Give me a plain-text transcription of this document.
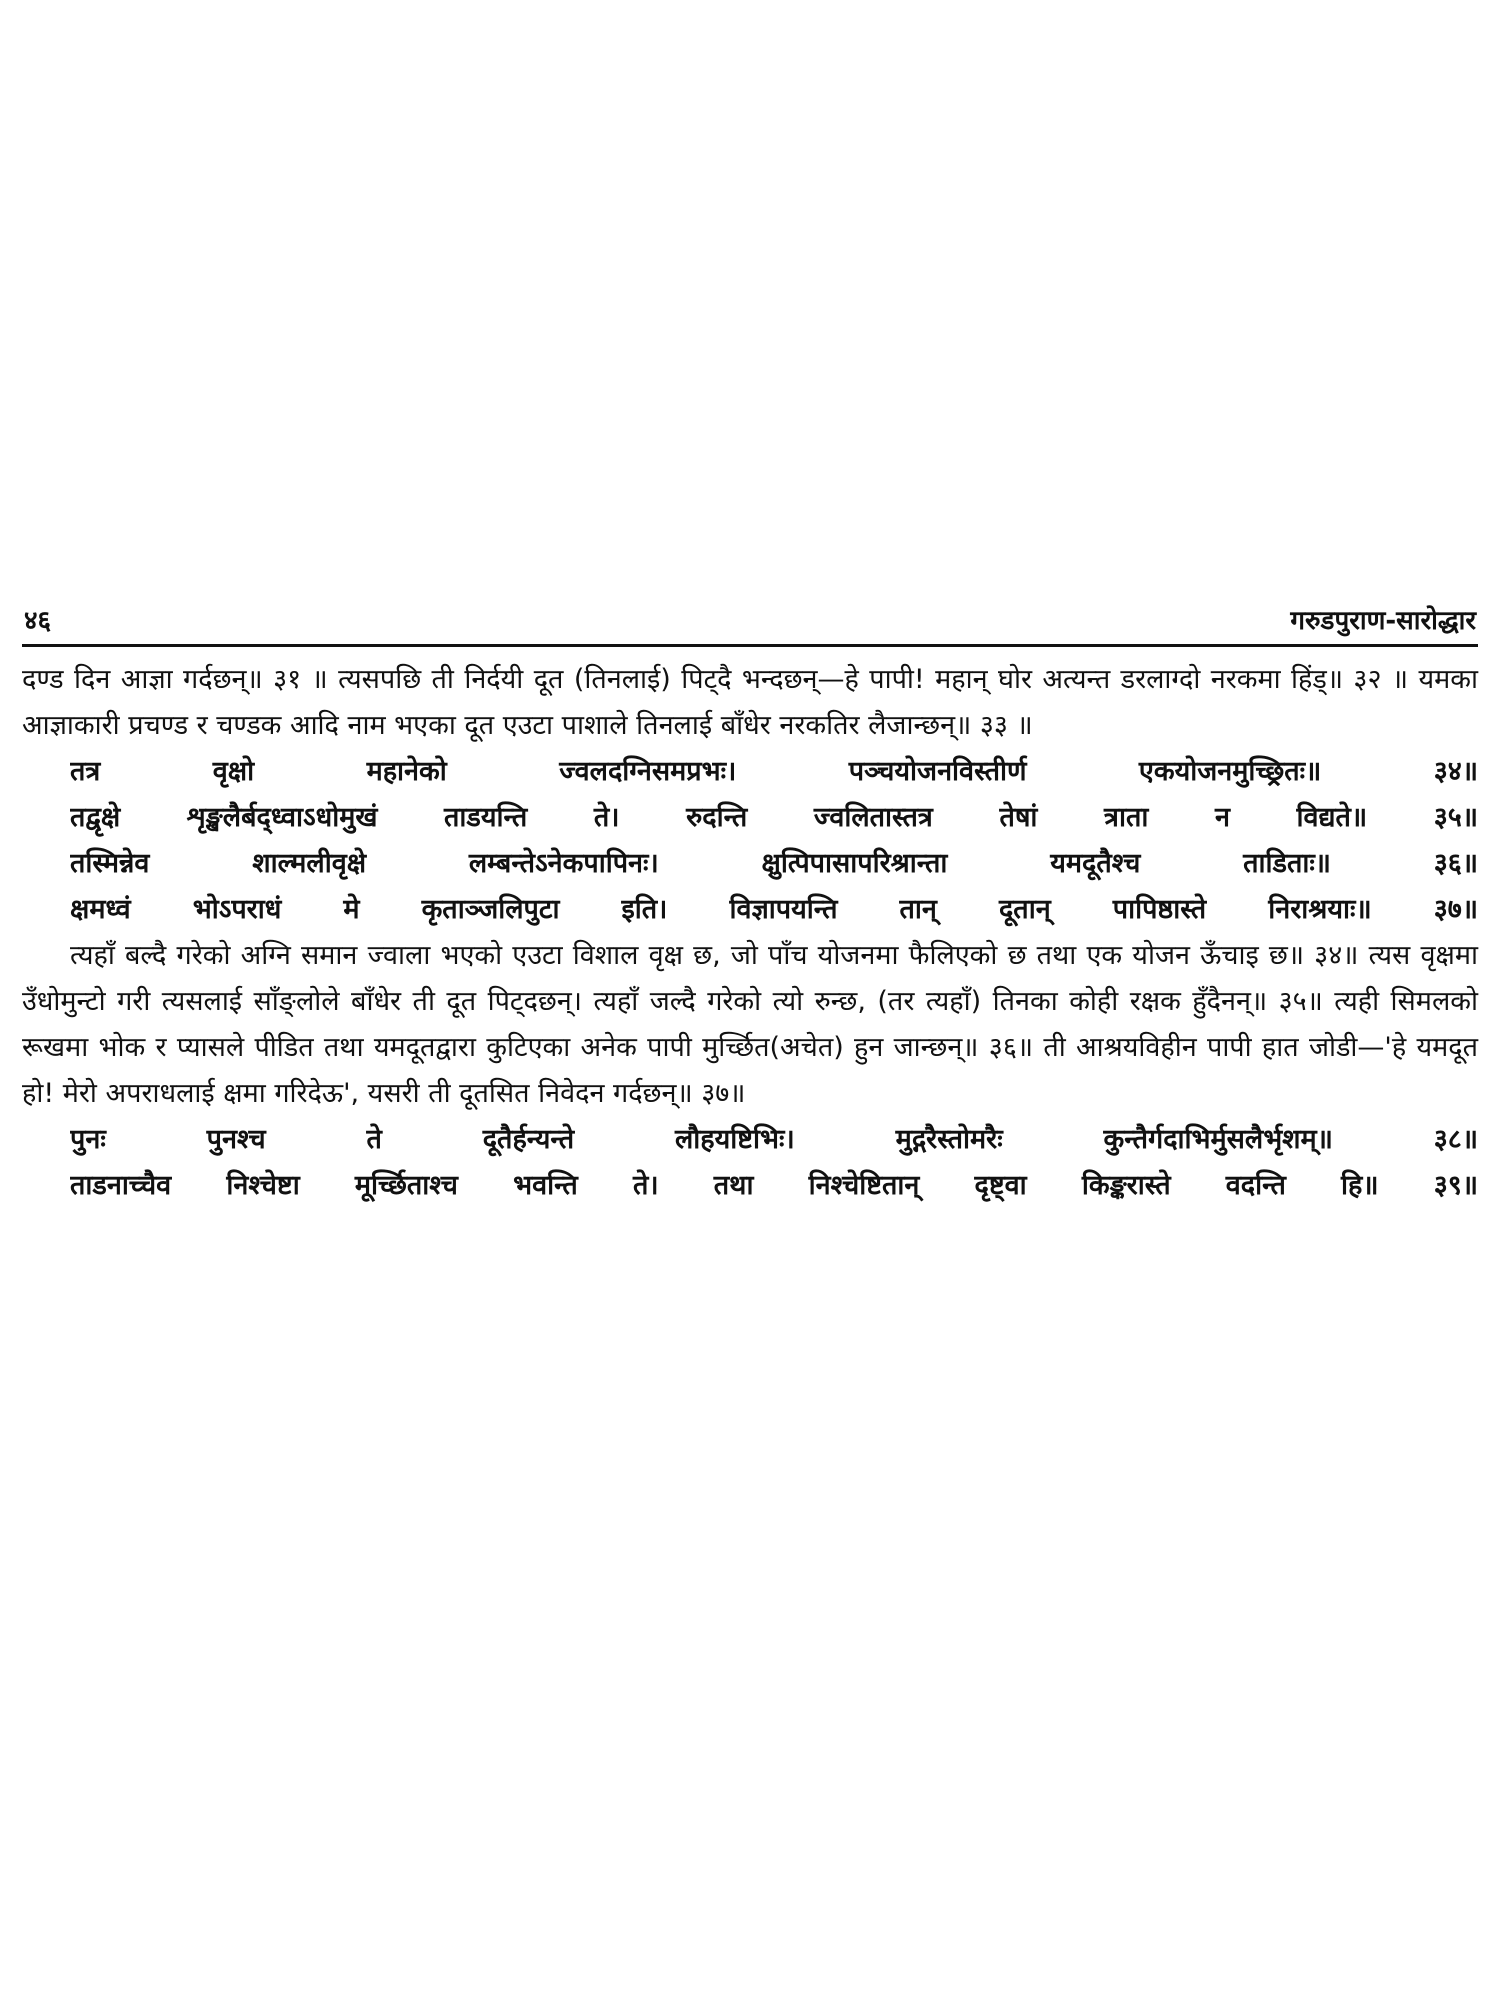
४६	गरुडपुराण-सारोद्धार

दण्ड दिन आज्ञा गर्दछन्॥ ३१ ॥ त्यसपछि ती निर्दयी दूत (तिनलाई) पिट्दै भन्दछन्—हे पापी! महान् घोर अत्यन्त डरलाग्दो नरकमा हिंड्॥ ३२ ॥ यमका आज्ञाकारी प्रचण्ड र चण्डक आदि नाम भएका दूत एउटा पाशाले तिनलाई बाँधेर नरकतिर लैजान्छन्॥ ३३ ॥

तत्र वृक्षो महानेको ज्वलदग्निसमप्रभः। पञ्चयोजनविस्तीर्ण एकयोजनमुच्छ्रितः॥ ३४॥
तद्वृक्षे शृङ्खलैर्बद्ध्वाऽधोमुखं ताडयन्ति ते। रुदन्ति ज्वलितास्तत्र तेषां त्राता न विद्यते॥ ३५॥
तस्मिन्नेव शाल्मलीवृक्षे लम्बन्तेऽनेकपापिनः। क्षुत्पिपासापरिश्रान्ता यमदूतैश्च ताडिताः॥ ३६॥
क्षमध्वं भोऽपराधं मे कृताञ्जलिपुटा इति। विज्ञापयन्ति तान् दूतान् पापिष्ठास्ते निराश्रयाः॥ ३७॥

त्यहाँ बल्दै गरेको अग्नि समान ज्वाला भएको एउटा विशाल वृक्ष छ, जो पाँच योजनमा फैलिएको छ तथा एक योजन ऊँचाइ छ॥ ३४॥ त्यस वृक्षमा उँधोमुन्टो गरी त्यसलाई साँङ्लोले बाँधेर ती दूत पिट्दछन्। त्यहाँ जल्दै गरेको त्यो रुन्छ, (तर त्यहाँ) तिनका कोही रक्षक हुँदैनन्॥ ३५॥ त्यही सिमलको रूखमा भोक र प्यासले पीडित तथा यमदूतद्वारा कुटिएका अनेक पापी मुर्च्छित(अचेत) हुन जान्छन्॥ ३६॥ ती आश्रयविहीन पापी हात जोडी—'हे यमदूत हो! मेरो अपराधलाई क्षमा गरिदेऊ', यसरी ती दूतसित निवेदन गर्दछन्॥ ३७॥

पुनः पुनश्च ते दूतैर्हन्यन्ते लौहयष्टिभिः। मुद्गरैस्तोमरैः कुन्तैर्गदाभिर्मुसलैर्भृशम्॥ ३८॥
ताडनाच्चैव निश्चेष्टा मूर्च्छिताश्च भवन्ति ते। तथा निश्चेष्टितान् दृष्ट्वा किङ्करास्ते वदन्ति हि॥ ३९॥
